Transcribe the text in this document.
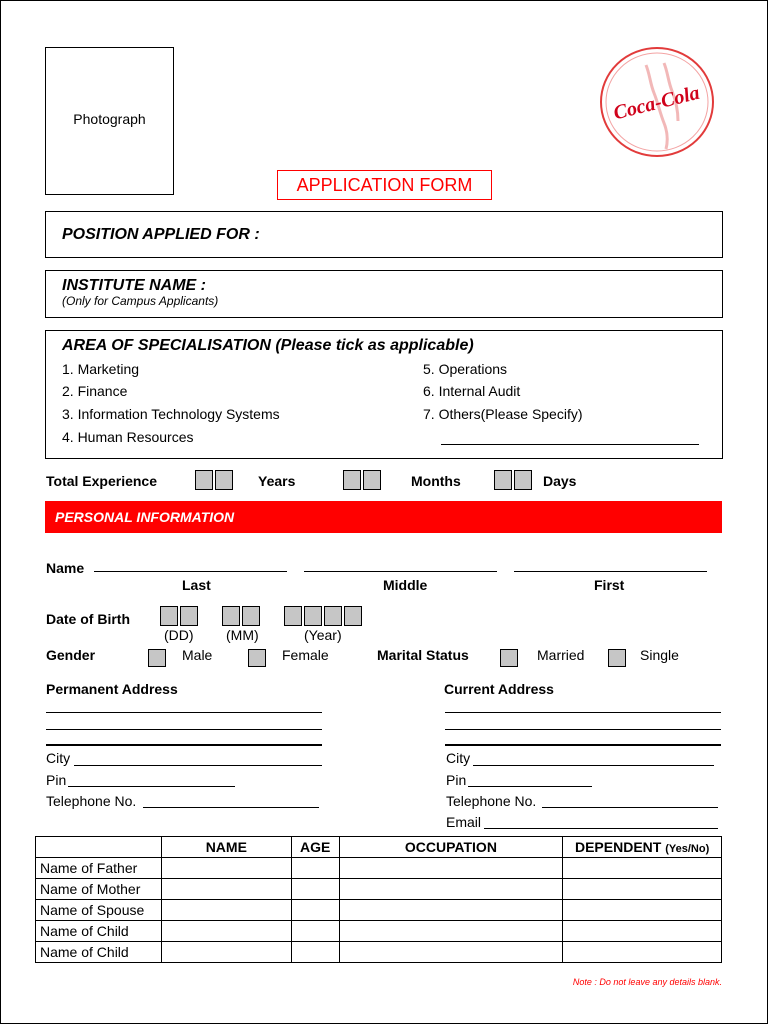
Photograph	Coca-Cola
APPLICATION FORM
POSITION APPLIED FOR :
INSTITUTE NAME :
(Only for Campus Applicants)
AREA OF SPECIALISATION (Please tick as applicable)
1. Marketing
2. Finance
3. Information Technology Systems
4. Human Resources
5. Operations
6. Internal Audit
7. Others(Please Specify)
Total Experience	Years	Months	Days
PERSONAL INFORMATION
Name
Last	Middle	First
Date of Birth
(DD) (MM)	(Year)
Gender	Male	Female	Marital Status	Married	Single
Permanent Address
City
Pin
Telephone No.
Current Address
City
Pin
Telephone No.
Email
	NAME	AGE	OCCUPATION	DEPENDENT (Yes/No)
Name of Father				
Name of Mother				
Name of Spouse				
Name of Child				
Name of Child				
Note : Do not leave any details blank.
